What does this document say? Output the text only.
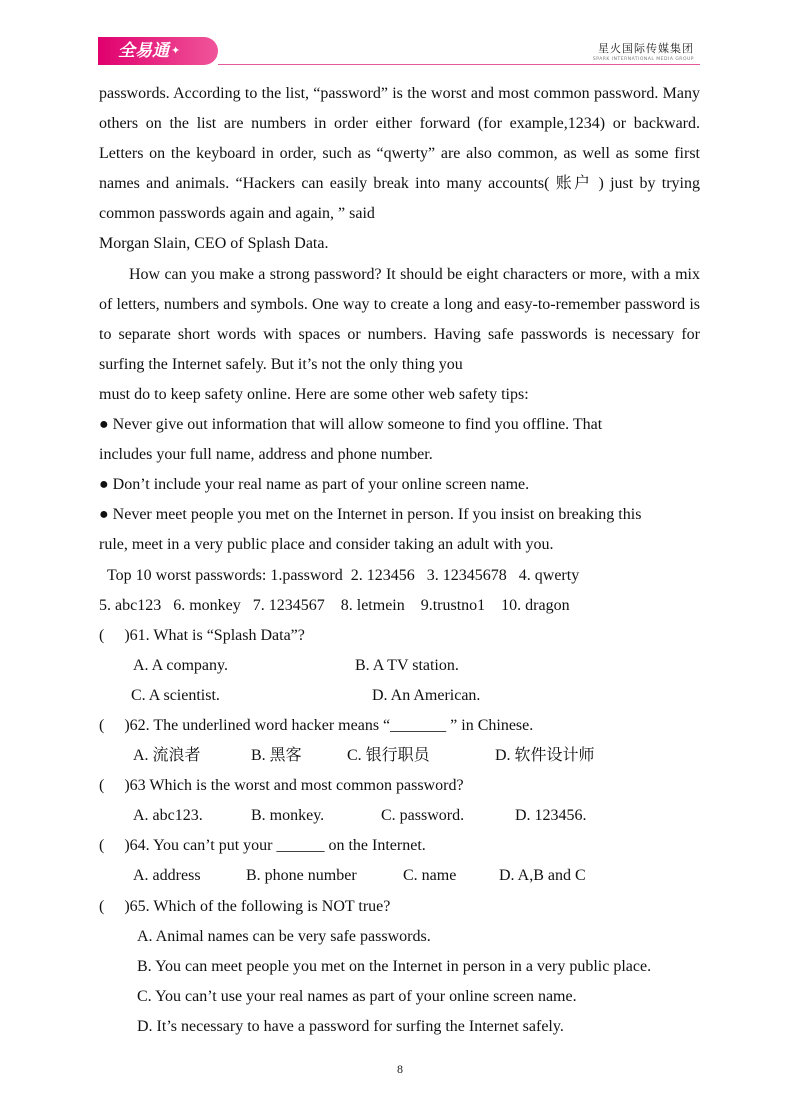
全易通 ✦	星火国际传媒集团
SPARK INTERNATIONAL MEDIA GROUP

passwords. According to the list, “password” is the worst and most common password. Many others on the list are numbers in order either forward (for example,1234) or backward. Letters on the keyboard in order, such as “qwerty” are also common, as well as some first names and animals. “Hackers can easily break into many accounts( 账户 ) just by trying common passwords again and again, ” said

Morgan Slain, CEO of Splash Data.

How can you make a strong password? It should be eight characters or more, with a mix of letters, numbers and symbols. One way to create a long and easy-to-remember password is to separate short words with spaces or numbers. Having safe passwords is necessary for surfing the Internet safely. But it’s not the only thing you

must do to keep safety online. Here are some other web safety tips:

● Never give out information that will allow someone to find you offline. That

includes your full name, address and phone number.

● Don’t include your real name as part of your online screen name.

● Never meet people you met on the Internet in person. If you insist on breaking this

rule, meet in a very public place and consider taking an adult with you.

Top 10 worst passwords: 1.password  2. 123456   3. 12345678   4. qwerty

5. abc123   6. monkey   7. 1234567    8. letmein    9.trustno1    10. dragon

(     )61. What is “Splash Data”?

A. A company.	B. A TV station.

C. A scientist.	D. An American.

(     )62. The underlined word hacker means “_______ ” in Chinese.

A. 流浪者	B. 黑客	C. 银行职员	D. 软件设计师

(     )63 Which is the worst and most common password?

A. abc123.	B. monkey.	C. password.	D. 123456.

(     )64. You can’t put your ______ on the Internet.

A. address	B. phone number	C. name	D. A,B and C

(     )65. Which of the following is NOT true?

A. Animal names can be very safe passwords.

B. You can meet people you met on the Internet in person in a very public place.

C. You can’t use your real names as part of your online screen name.

D. It’s necessary to have a password for surfing the Internet safely.

8
